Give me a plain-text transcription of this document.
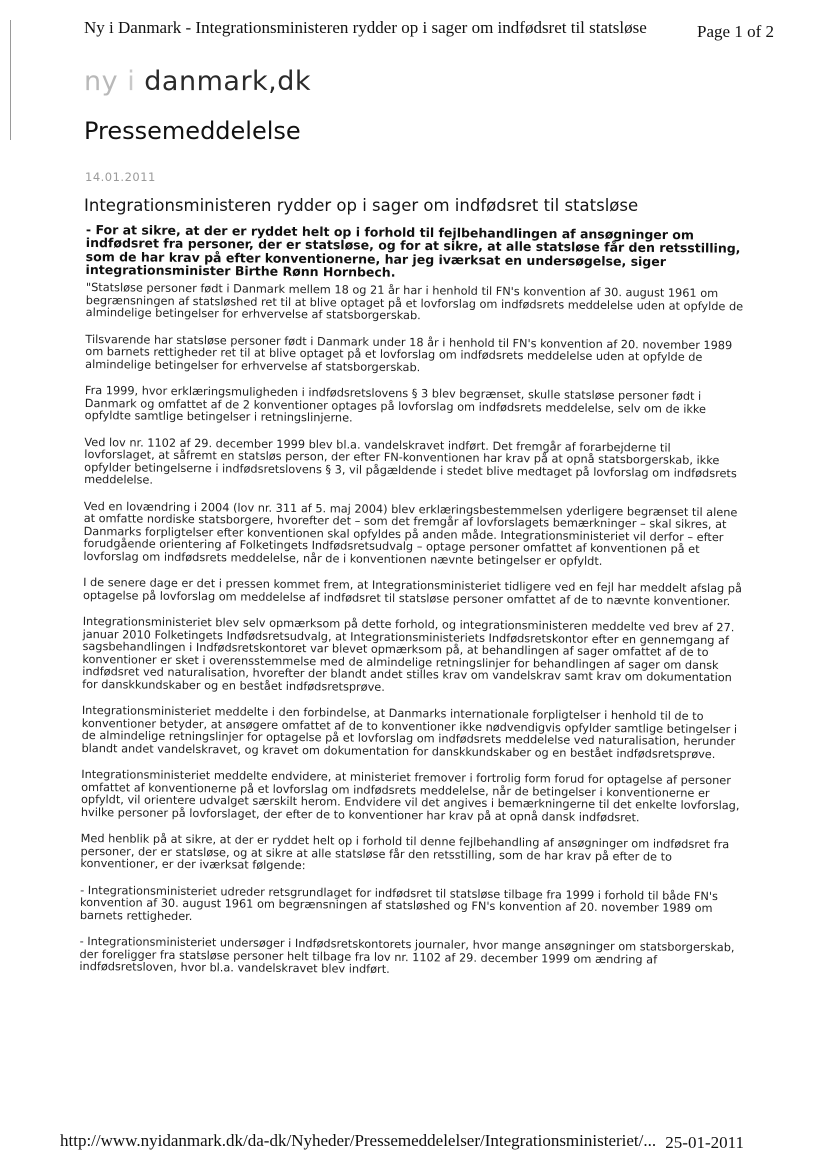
Ny i Danmark - Integrationsministeren rydder op i sager om indfødsret til statsløse	Page 1 of 2
ny i danmark,dk
Pressemeddelelse
14.01.2011
Integrationsministeren rydder op i sager om indfødsret til statsløse
- For at sikre, at der er ryddet helt op i forhold til fejlbehandlingen af ansøgninger om indfødsret fra personer, der er statsløse, og for at sikre, at alle statsløse får den retsstilling, som de har krav på efter konventionerne, har jeg iværksat en undersøgelse, siger integrationsminister Birthe Rønn Hornbech.

"Statsløse personer født i Danmark mellem 18 og 21 år har i henhold til FN's konvention af 30. august 1961 om begrænsningen af statsløshed ret til at blive optaget på et lovforslag om indfødsrets meddelelse uden at opfylde de almindelige betingelser for erhvervelse af statsborgerskab.

Tilsvarende har statsløse personer født i Danmark under 18 år i henhold til FN's konvention af 20. november 1989 om barnets rettigheder ret til at blive optaget på et lovforslag om indfødsrets meddelelse uden at opfylde de almindelige betingelser for erhvervelse af statsborgerskab.

Fra 1999, hvor erklæringsmuligheden i indfødsretslovens § 3 blev begrænset, skulle statsløse personer født i Danmark og omfattet af de 2 konventioner optages på lovforslag om indfødsrets meddelelse, selv om de ikke opfyldte samtlige betingelser i retningslinjerne.

Ved lov nr. 1102 af 29. december 1999 blev bl.a. vandelskravet indført. Det fremgår af forarbejderne til lovforslaget, at såfremt en statsløs person, der efter FN-konventionen har krav på at opnå statsborgerskab, ikke opfylder betingelserne i indfødsretslovens § 3, vil pågældende i stedet blive medtaget på lovforslag om indfødsrets meddelelse.

Ved en lovændring i 2004 (lov nr. 311 af 5. maj 2004) blev erklæringsbestemmelsen yderligere begrænset til alene at omfatte nordiske statsborgere, hvorefter det – som det fremgår af lovforslagets bemærkninger – skal sikres, at Danmarks forpligtelser efter konventionen skal opfyldes på anden måde. Integrationsministeriet vil derfor – efter forudgående orientering af Folketingets Indfødsretsudvalg – optage personer omfattet af konventionen på et lovforslag om indfødsrets meddelelse, når de i konventionen nævnte betingelser er opfyldt.

I de senere dage er det i pressen kommet frem, at Integrationsministeriet tidligere ved en fejl har meddelt afslag på optagelse på lovforslag om meddelelse af indfødsret til statsløse personer omfattet af de to nævnte konventioner.

Integrationsministeriet blev selv opmærksom på dette forhold, og integrationsministeren meddelte ved brev af 27. januar 2010 Folketingets Indfødsretsudvalg, at Integrationsministeriets Indfødsretskontor efter en gennemgang af sagsbehandlingen i Indfødsretskontoret var blevet opmærksom på, at behandlingen af sager omfattet af de to konventioner er sket i overensstemmelse med de almindelige retningslinjer for behandlingen af sager om dansk indfødsret ved naturalisation, hvorefter der blandt andet stilles krav om vandelskrav samt krav om dokumentation for danskkundskaber og en bestået indfødsretsprøve.

Integrationsministeriet meddelte i den forbindelse, at Danmarks internationale forpligtelser i henhold til de to konventioner betyder, at ansøgere omfattet af de to konventioner ikke nødvendigvis opfylder samtlige betingelser i de almindelige retningslinjer for optagelse på et lovforslag om indfødsrets meddelelse ved naturalisation, herunder blandt andet vandelskravet, og kravet om dokumentation for danskkundskaber og en bestået indfødsretsprøve.

Integrationsministeriet meddelte endvidere, at ministeriet fremover i fortrolig form forud for optagelse af personer omfattet af konventionerne på et lovforslag om indfødsrets meddelelse, når de betingelser i konventionerne er opfyldt, vil orientere udvalget særskilt herom. Endvidere vil det angives i bemærkningerne til det enkelte lovforslag, hvilke personer på lovforslaget, der efter de to konventioner har krav på at opnå dansk indfødsret.

Med henblik på at sikre, at der er ryddet helt op i forhold til denne fejlbehandling af ansøgninger om indfødsret fra personer, der er statsløse, og at sikre at alle statsløse får den retsstilling, som de har krav på efter de to konventioner, er der iværksat følgende:

- Integrationsministeriet udreder retsgrundlaget for indfødsret til statsløse tilbage fra 1999 i forhold til både FN's konvention af 30. august 1961 om begrænsningen af statsløshed og FN's konvention af 20. november 1989 om barnets rettigheder.

- Integrationsministeriet undersøger i Indfødsretskontorets journaler, hvor mange ansøgninger om statsborgerskab, der foreligger fra statsløse personer helt tilbage fra lov nr. 1102 af 29. december 1999 om ændring af indfødsretsloven, hvor bl.a. vandelskravet blev indført.

http://www.nyidanmark.dk/da-dk/Nyheder/Pressemeddelelser/Integrationsministeriet/... 25-01-2011
